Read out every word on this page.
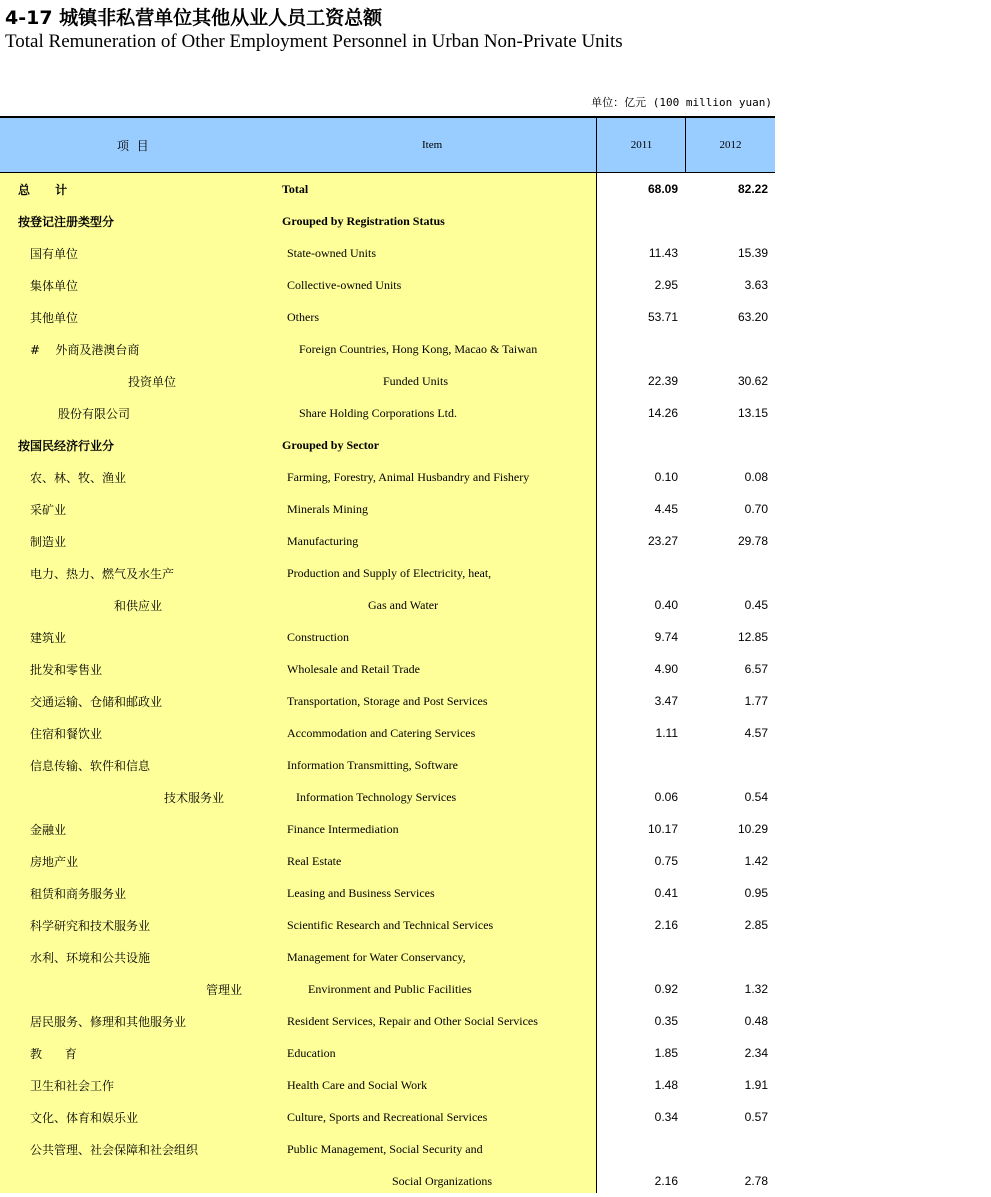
4-17 城镇非私营单位其他从业人员工资总额
Total Remuneration of Other Employment Personnel in Urban Non-Private Units
单位：亿元 (100 million yuan)
项  目	Item	2011	2012
总      计	Total	68.09	82.22
按登记注册类型分	Grouped by Registration Status
国有单位	State-owned Units	11.43	15.39
集体单位	Collective-owned Units	2.95	3.63
其他单位	Others	53.71	63.20
#    外商及港澳台商	Foreign Countries, Hong Kong, Macao & Taiwan
投资单位	Funded Units	22.39	30.62
股份有限公司	Share Holding Corporations Ltd.	14.26	13.15
按国民经济行业分	Grouped by Sector
农、林、牧、渔业	Farming, Forestry, Animal Husbandry and Fishery	0.10	0.08
采矿业	Minerals Mining	4.45	0.70
制造业	Manufacturing	23.27	29.78
电力、热力、燃气及水生产	Production and Supply of Electricity, heat,
和供应业	Gas and Water	0.40	0.45
建筑业	Construction	9.74	12.85
批发和零售业	Wholesale and Retail Trade	4.90	6.57
交通运输、仓储和邮政业	Transportation, Storage and Post Services	3.47	1.77
住宿和餐饮业	Accommodation and Catering Services	1.11	4.57
信息传输、软件和信息	Information Transmitting, Software
技术服务业	Information Technology Services	0.06	0.54
金融业	Finance Intermediation	10.17	10.29
房地产业	Real Estate	0.75	1.42
租赁和商务服务业	Leasing and Business Services	0.41	0.95
科学研究和技术服务业	Scientific Research and Technical Services	2.16	2.85
水利、环境和公共设施	Management for Water Conservancy,
管理业	Environment and Public Facilities	0.92	1.32
居民服务、修理和其他服务业	Resident Services, Repair and Other Social Services	0.35	0.48
教      育	Education	1.85	2.34
卫生和社会工作	Health Care and Social Work	1.48	1.91
文化、体育和娱乐业	Culture, Sports and Recreational Services	0.34	0.57
公共管理、社会保障和社会组织	Public Management, Social Security and
Social Organizations	2.16	2.78
